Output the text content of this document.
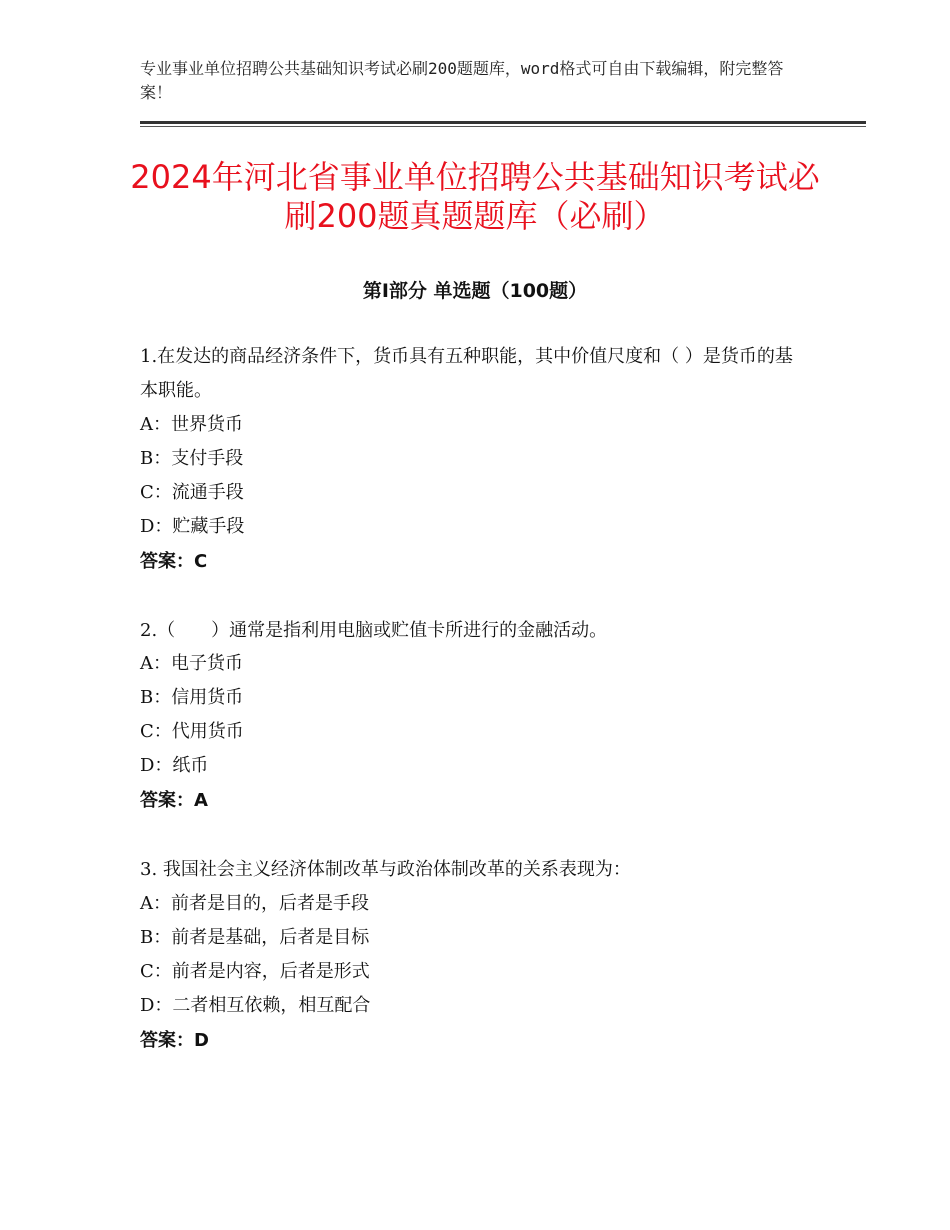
专业事业单位招聘公共基础知识考试必刷200题题库，word格式可自由下载编辑，附完整答案！
2024年河北省事业单位招聘公共基础知识考试必刷200题真题题库（必刷）
第Ⅰ部分 单选题（100题）
1.在发达的商品经济条件下，货币具有五种职能，其中价值尺度和（ ）是货币的基本职能。
A：世界货币
B：支付手段
C：流通手段
D：贮藏手段
答案：C
2.（　　）通常是指利用电脑或贮值卡所进行的金融活动。
A：电子货币
B：信用货币
C：代用货币
D：纸币
答案：A
3. 我国社会主义经济体制改革与政治体制改革的关系表现为：
A：前者是目的，后者是手段
B：前者是基础，后者是目标
C：前者是内容，后者是形式
D：二者相互依赖，相互配合
答案：D
